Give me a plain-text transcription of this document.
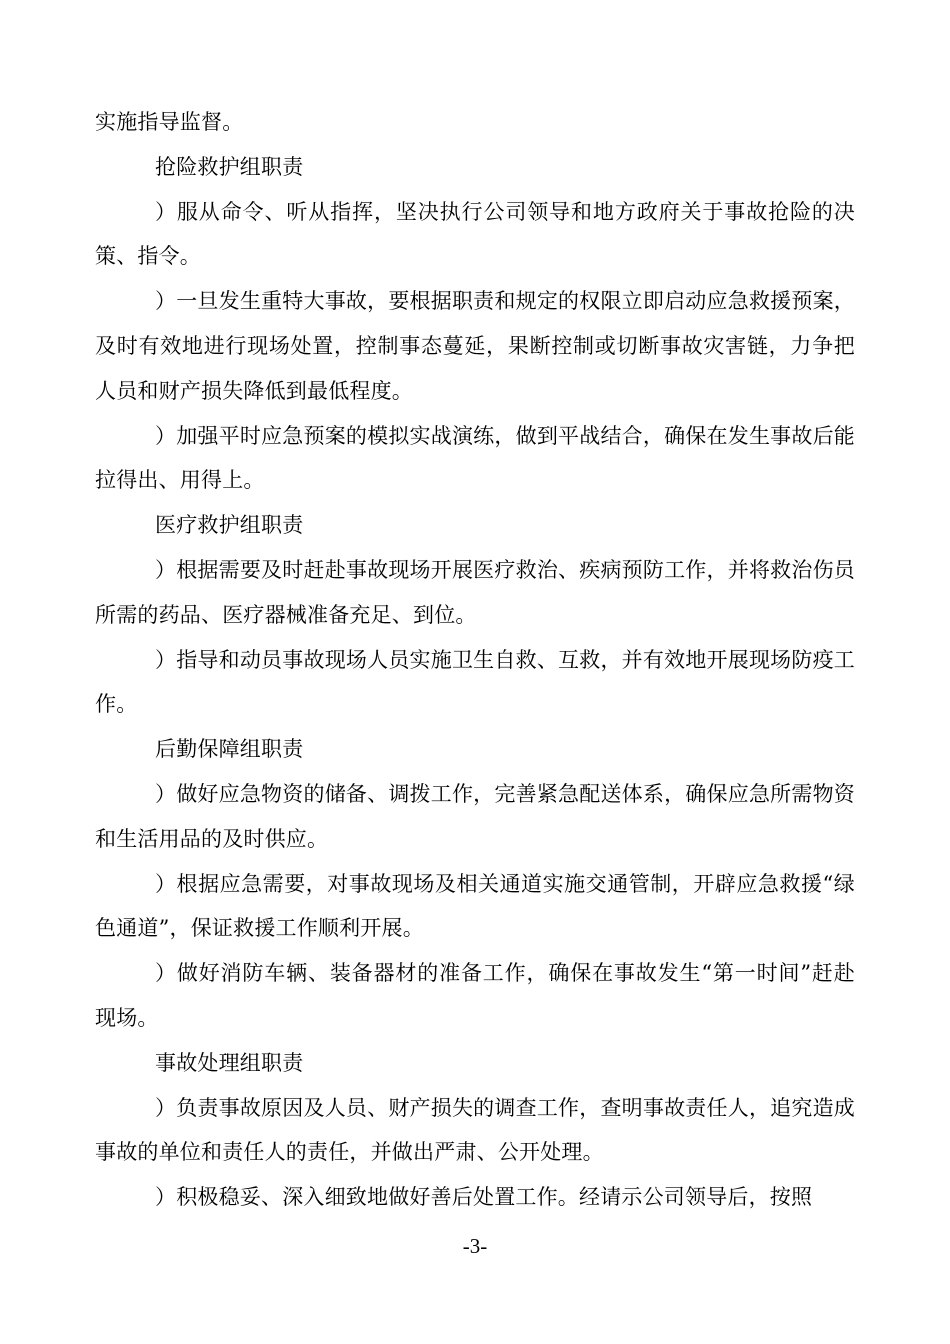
实施指导监督。

抢险救护组职责

）服从命令、听从指挥，坚决执行公司领导和地方政府关于事故抢险的决策、指令。

）一旦发生重特大事故，要根据职责和规定的权限立即启动应急救援预案，及时有效地进行现场处置，控制事态蔓延，果断控制或切断事故灾害链，力争把人员和财产损失降低到最低程度。

）加强平时应急预案的模拟实战演练，做到平战结合，确保在发生事故后能拉得出、用得上。

医疗救护组职责

）根据需要及时赶赴事故现场开展医疗救治、疾病预防工作，并将救治伤员所需的药品、医疗器械准备充足、到位。

）指导和动员事故现场人员实施卫生自救、互救，并有效地开展现场防疫工作。

后勤保障组职责

）做好应急物资的储备、调拨工作，完善紧急配送体系，确保应急所需物资和生活用品的及时供应。

）根据应急需要，对事故现场及相关通道实施交通管制，开辟应急救援“绿色通道”，保证救援工作顺利开展。

）做好消防车辆、装备器材的准备工作，确保在事故发生“第一时间”赶赴现场。

事故处理组职责

）负责事故原因及人员、财产损失的调查工作，查明事故责任人，追究造成事故的单位和责任人的责任，并做出严肃、公开处理。

）积极稳妥、深入细致地做好善后处置工作。经请示公司领导后，按照

-3-
